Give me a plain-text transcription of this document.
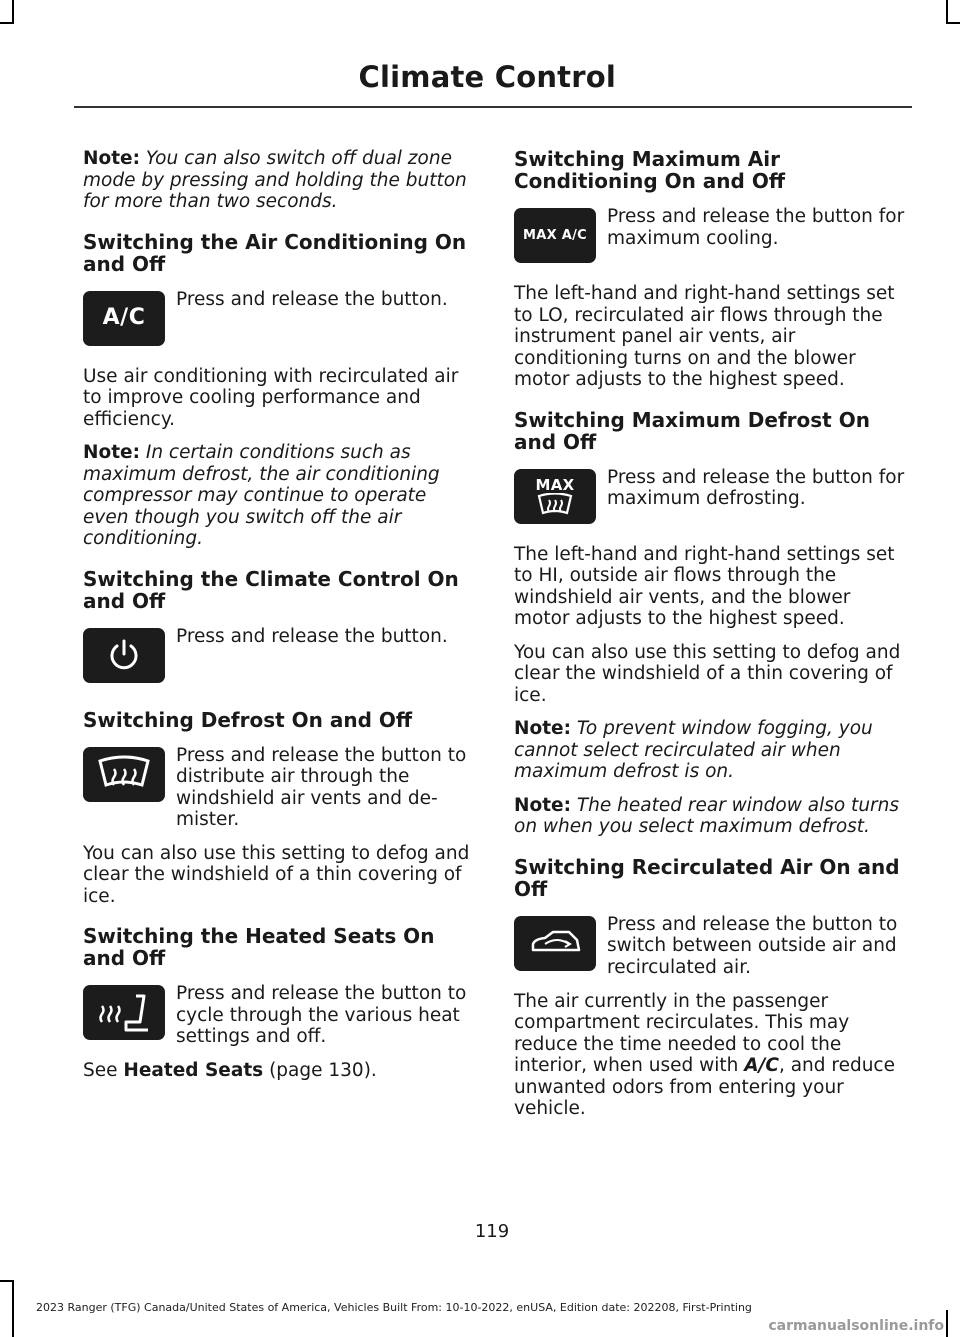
Climate Control

Note: You can also switch off dual zone mode by pressing and holding the button for more than two seconds.

Switching the Air Conditioning On and Off

A/C
Press and release the button.

Use air conditioning with recirculated air to improve cooling performance and efficiency.

Note: In certain conditions such as maximum defrost, the air conditioning compressor may continue to operate even though you switch off the air conditioning.

Switching the Climate Control On and Off

Press and release the button.

Switching Defrost On and Off

Press and release the button to distribute air through the windshield air vents and de-mister.

You can also use this setting to defog and clear the windshield of a thin covering of ice.

Switching the Heated Seats On and Off

Press and release the button to cycle through the various heat settings and off.

See Heated Seats (page 130).

Switching Maximum Air Conditioning On and Off

MAX A/C
Press and release the button for maximum cooling.

The left-hand and right-hand settings set to LO, recirculated air flows through the instrument panel air vents, air conditioning turns on and the blower motor adjusts to the highest speed.

Switching Maximum Defrost On and Off

MAX Press and release the button for maximum defrosting.

The left-hand and right-hand settings set to HI, outside air flows through the windshield air vents, and the blower motor adjusts to the highest speed.

You can also use this setting to defog and clear the windshield of a thin covering of ice.

Note: To prevent window fogging, you cannot select recirculated air when maximum defrost is on.

Note: The heated rear window also turns on when you select maximum defrost.

Switching Recirculated Air On and Off

Press and release the button to switch between outside air and recirculated air.

The air currently in the passenger compartment recirculates. This may reduce the time needed to cool the interior, when used with A/C, and reduce unwanted odors from entering your vehicle.

119
2023 Ranger (TFG) Canada/United States of America, Vehicles Built From: 10-10-2022, enUSA, Edition date: 202208, First-Printing
carmanualsonline.info
